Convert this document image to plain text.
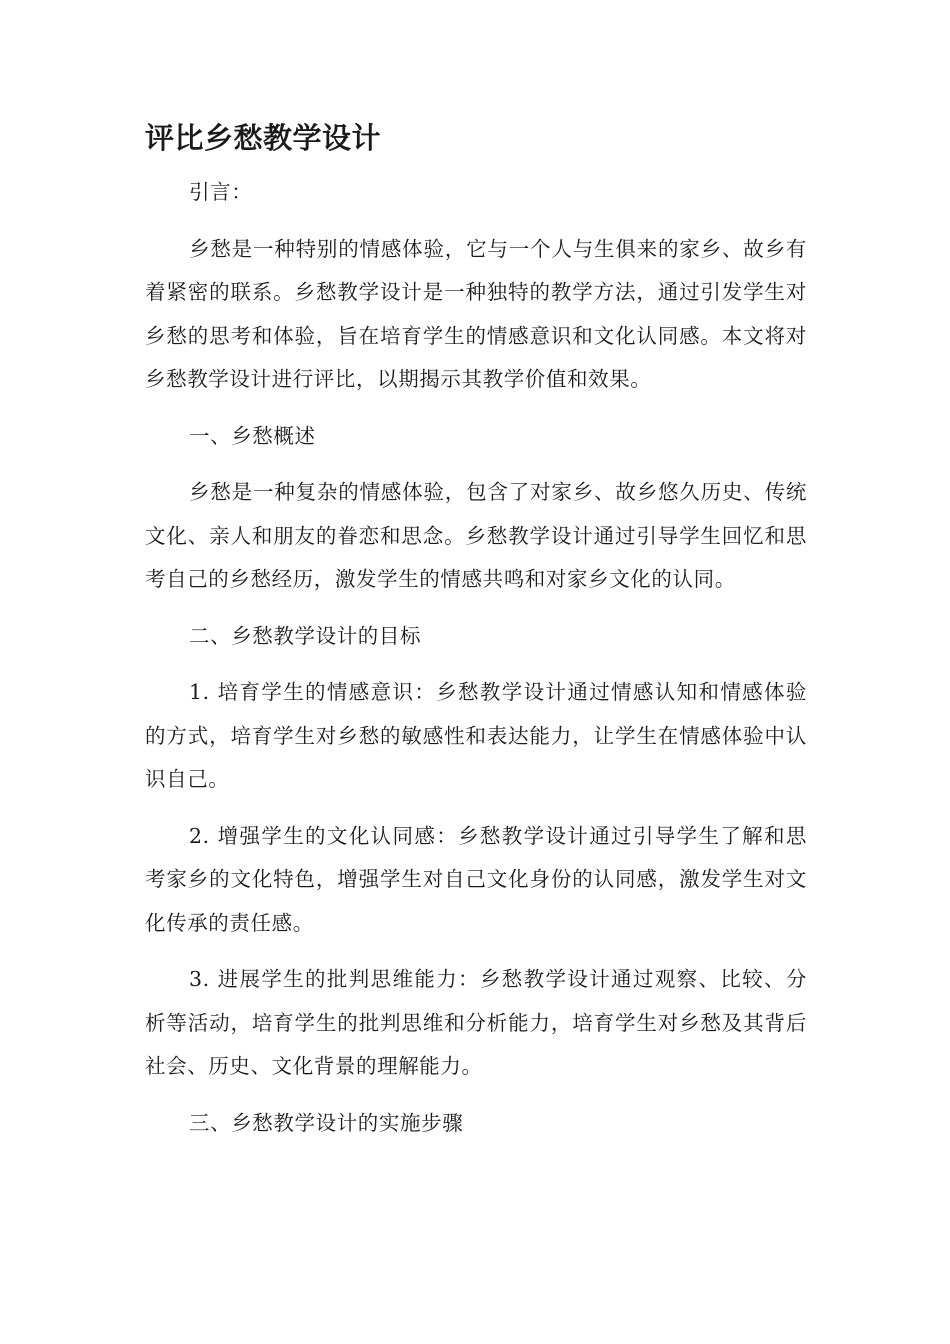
评比乡愁教学设计

引言：

乡愁是一种特别的情感体验，它与一个人与生俱来的家乡、故乡有着紧密的联系。乡愁教学设计是一种独特的教学方法，通过引发学生对乡愁的思考和体验，旨在培育学生的情感意识和文化认同感。本文将对乡愁教学设计进行评比，以期揭示其教学价值和效果。

一、乡愁概述

乡愁是一种复杂的情感体验，包含了对家乡、故乡悠久历史、传统文化、亲人和朋友的眷恋和思念。乡愁教学设计通过引导学生回忆和思考自己的乡愁经历，激发学生的情感共鸣和对家乡文化的认同。

二、乡愁教学设计的目标

1. 培育学生的情感意识：乡愁教学设计通过情感认知和情感体验的方式，培育学生对乡愁的敏感性和表达能力，让学生在情感体验中认识自己。

2. 增强学生的文化认同感：乡愁教学设计通过引导学生了解和思考家乡的文化特色，增强学生对自己文化身份的认同感，激发学生对文化传承的责任感。

3. 进展学生的批判思维能力：乡愁教学设计通过观察、比较、分析等活动，培育学生的批判思维和分析能力，培育学生对乡愁及其背后社会、历史、文化背景的理解能力。

三、乡愁教学设计的实施步骤
